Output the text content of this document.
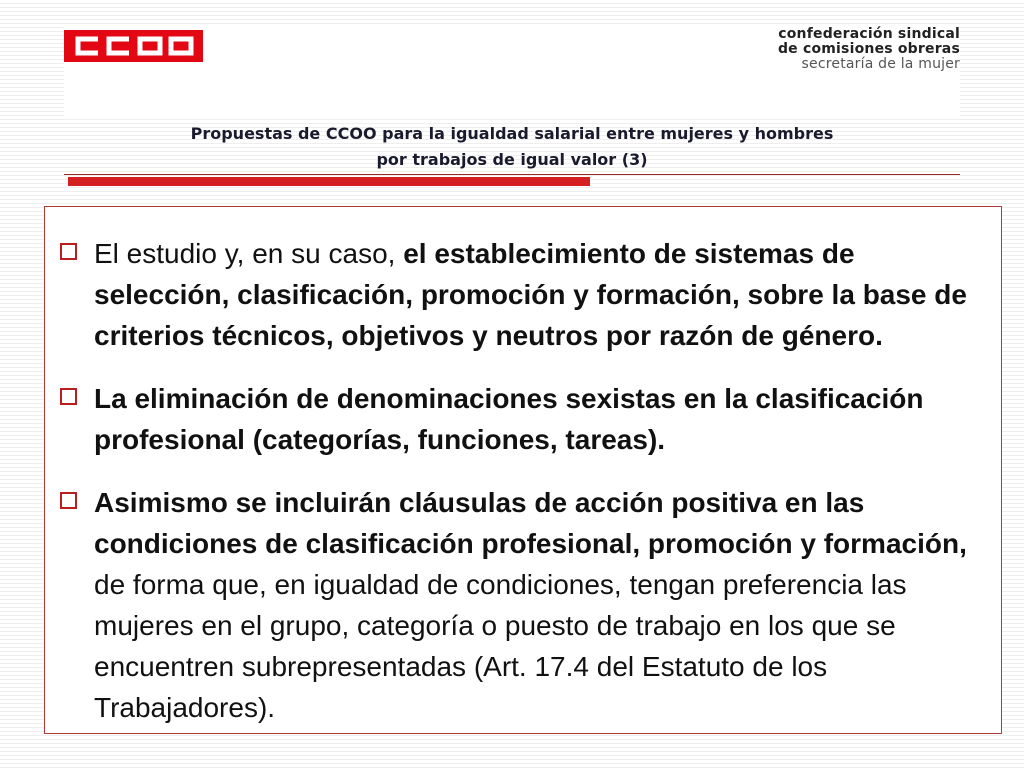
confederación sindical
de comisiones obreras
secretaría de la mujer
Propuestas de CCOO para la igualdad salarial entre mujeres y hombres
por trabajos de igual valor (3)
El estudio y, en su caso, el establecimiento de sistemas de selección, clasificación, promoción y formación, sobre la base de criterios técnicos, objetivos y neutros por razón de género.
La eliminación de denominaciones sexistas en la clasificación profesional (categorías, funciones, tareas).
Asimismo se incluirán cláusulas de acción positiva en las condiciones de clasificación profesional, promoción y formación, de forma que, en igualdad de condiciones, tengan preferencia las mujeres en el grupo, categoría o puesto de trabajo en los que se encuentren subrepresentadas (Art. 17.4 del Estatuto de los Trabajadores).
